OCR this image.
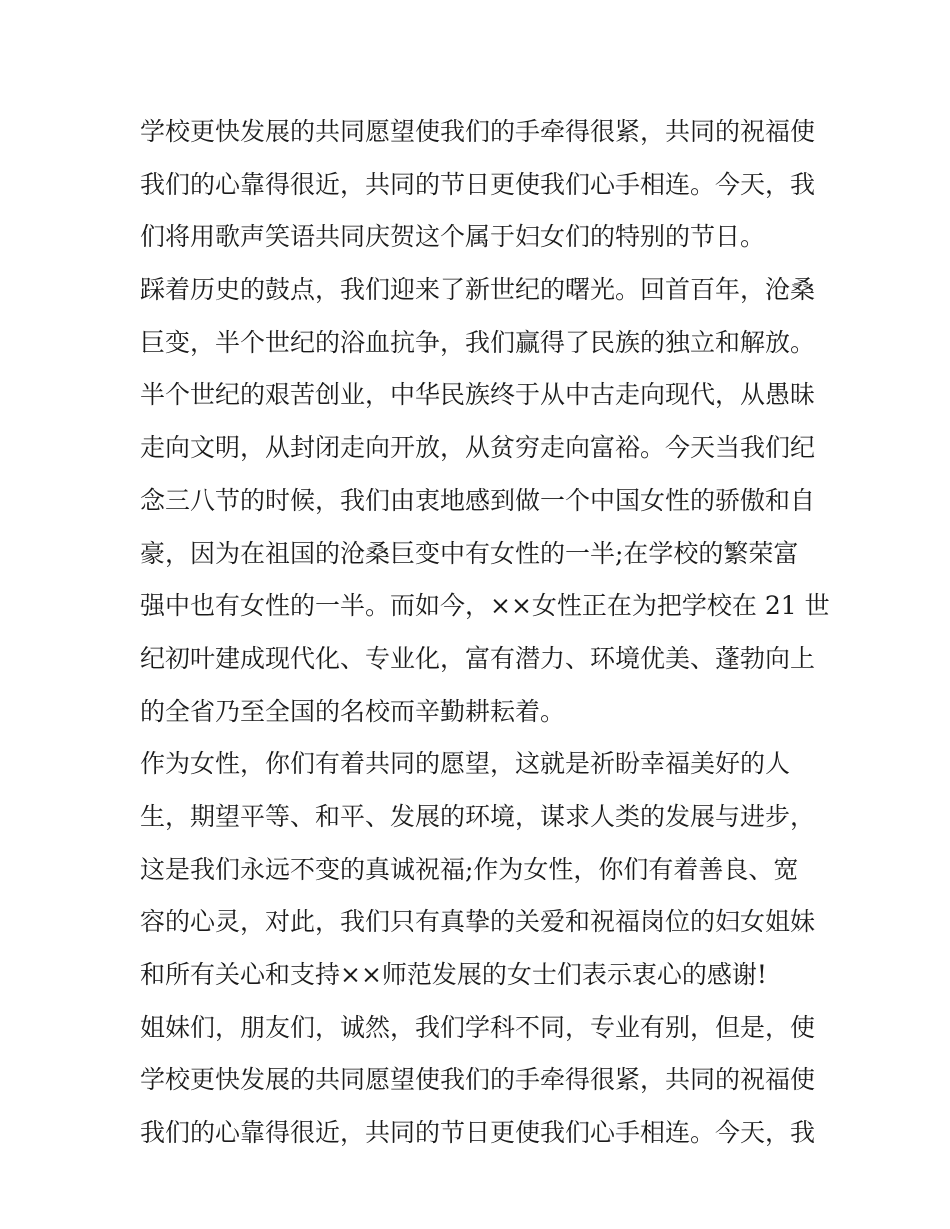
学校更快发展的共同愿望使我们的手牵得很紧，共同的祝福使
我们的心靠得很近，共同的节日更使我们心手相连。今天，我
们将用歌声笑语共同庆贺这个属于妇女们的特别的节日。
踩着历史的鼓点，我们迎来了新世纪的曙光。回首百年，沧桑
巨变，半个世纪的浴血抗争，我们赢得了民族的独立和解放。
半个世纪的艰苦创业，中华民族终于从中古走向现代，从愚昧
走向文明，从封闭走向开放，从贫穷走向富裕。今天当我们纪
念三八节的时候，我们由衷地感到做一个中国女性的骄傲和自
豪，因为在祖国的沧桑巨变中有女性的一半;在学校的繁荣富
强中也有女性的一半。而如今，××女性正在为把学校在 21 世
纪初叶建成现代化、专业化，富有潜力、环境优美、蓬勃向上
的全省乃至全国的名校而辛勤耕耘着。
作为女性，你们有着共同的愿望，这就是祈盼幸福美好的人
生，期望平等、和平、发展的环境，谋求人类的发展与进步，
这是我们永远不变的真诚祝福;作为女性，你们有着善良、宽
容的心灵，对此，我们只有真挚的关爱和祝福岗位的妇女姐妹
和所有关心和支持××师范发展的女士们表示衷心的感谢!
姐妹们，朋友们，诚然，我们学科不同，专业有别，但是，使
学校更快发展的共同愿望使我们的手牵得很紧，共同的祝福使
我们的心靠得很近，共同的节日更使我们心手相连。今天，我
